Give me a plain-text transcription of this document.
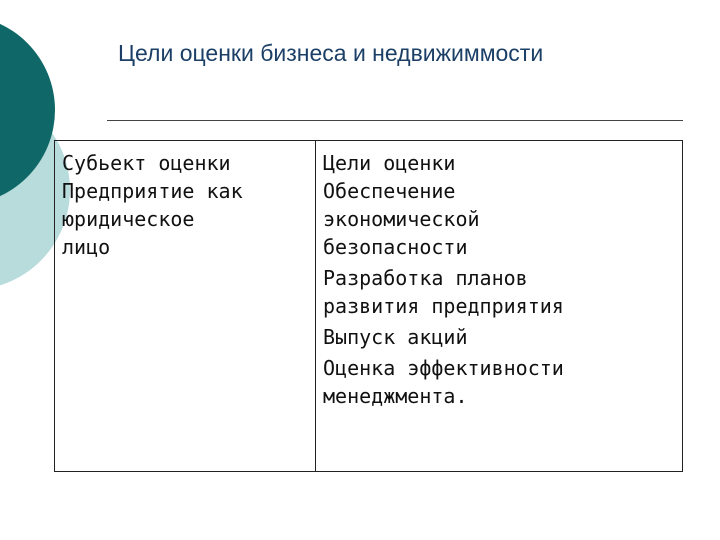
Цели оценки бизнеса и недвижиммости
Субьект оценки
Предприятие как
юридическое
лицо
Цели оценки
Обеспечение
экономической
безопасности
Разработка планов
развития предприятия
Выпуск акций
Оценка эффективности
менеджмента.
